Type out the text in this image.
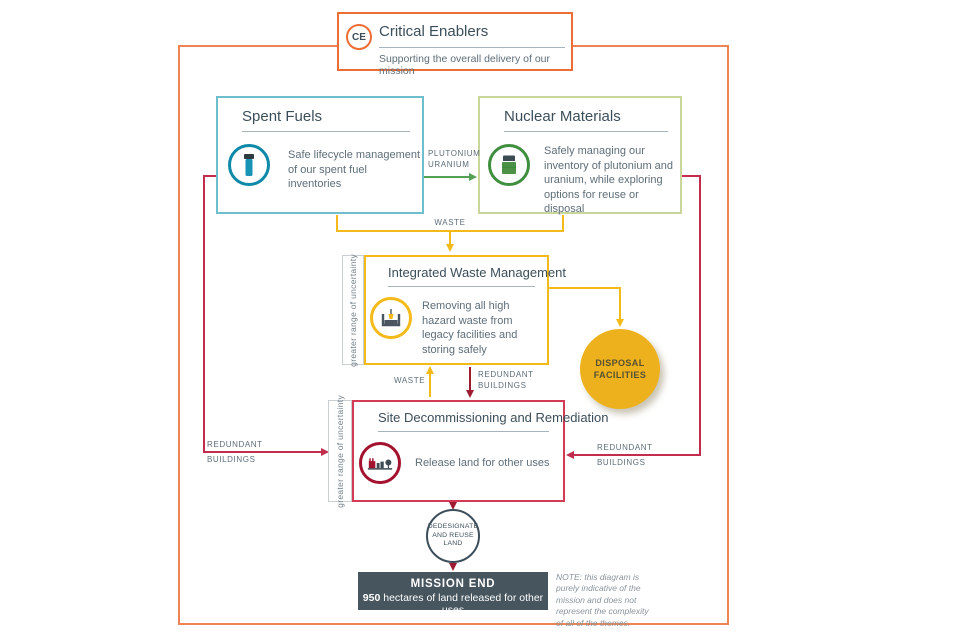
CE Critical Enablers
Supporting the overall delivery of our mission
Spent Fuels
Safe lifecycle management of our spent fuel inventories
Nuclear Materials
Safely managing our inventory of plutonium and uranium, while exploring options for reuse or disposal
greater range of uncertainty Integrated Waste Management
Removing all high hazard waste from legacy facilities and storing safely
greater range of uncertainty	Site Decommissioning and Remediation
Release land for other uses
DISPOSAL
FACILITIES
DEDESIGNATE
AND REUSE
LAND
MISSION END
950 hectares of land released for other uses
NOTE: this diagram is purely indicative of the mission and does not represent the complexity of all of the themes.
PLUTONIUM
URANIUM
WASTE
WASTE
REDUNDANT
BUILDINGS
REDUNDANT
BUILDINGS
REDUNDANT
BUILDINGS
